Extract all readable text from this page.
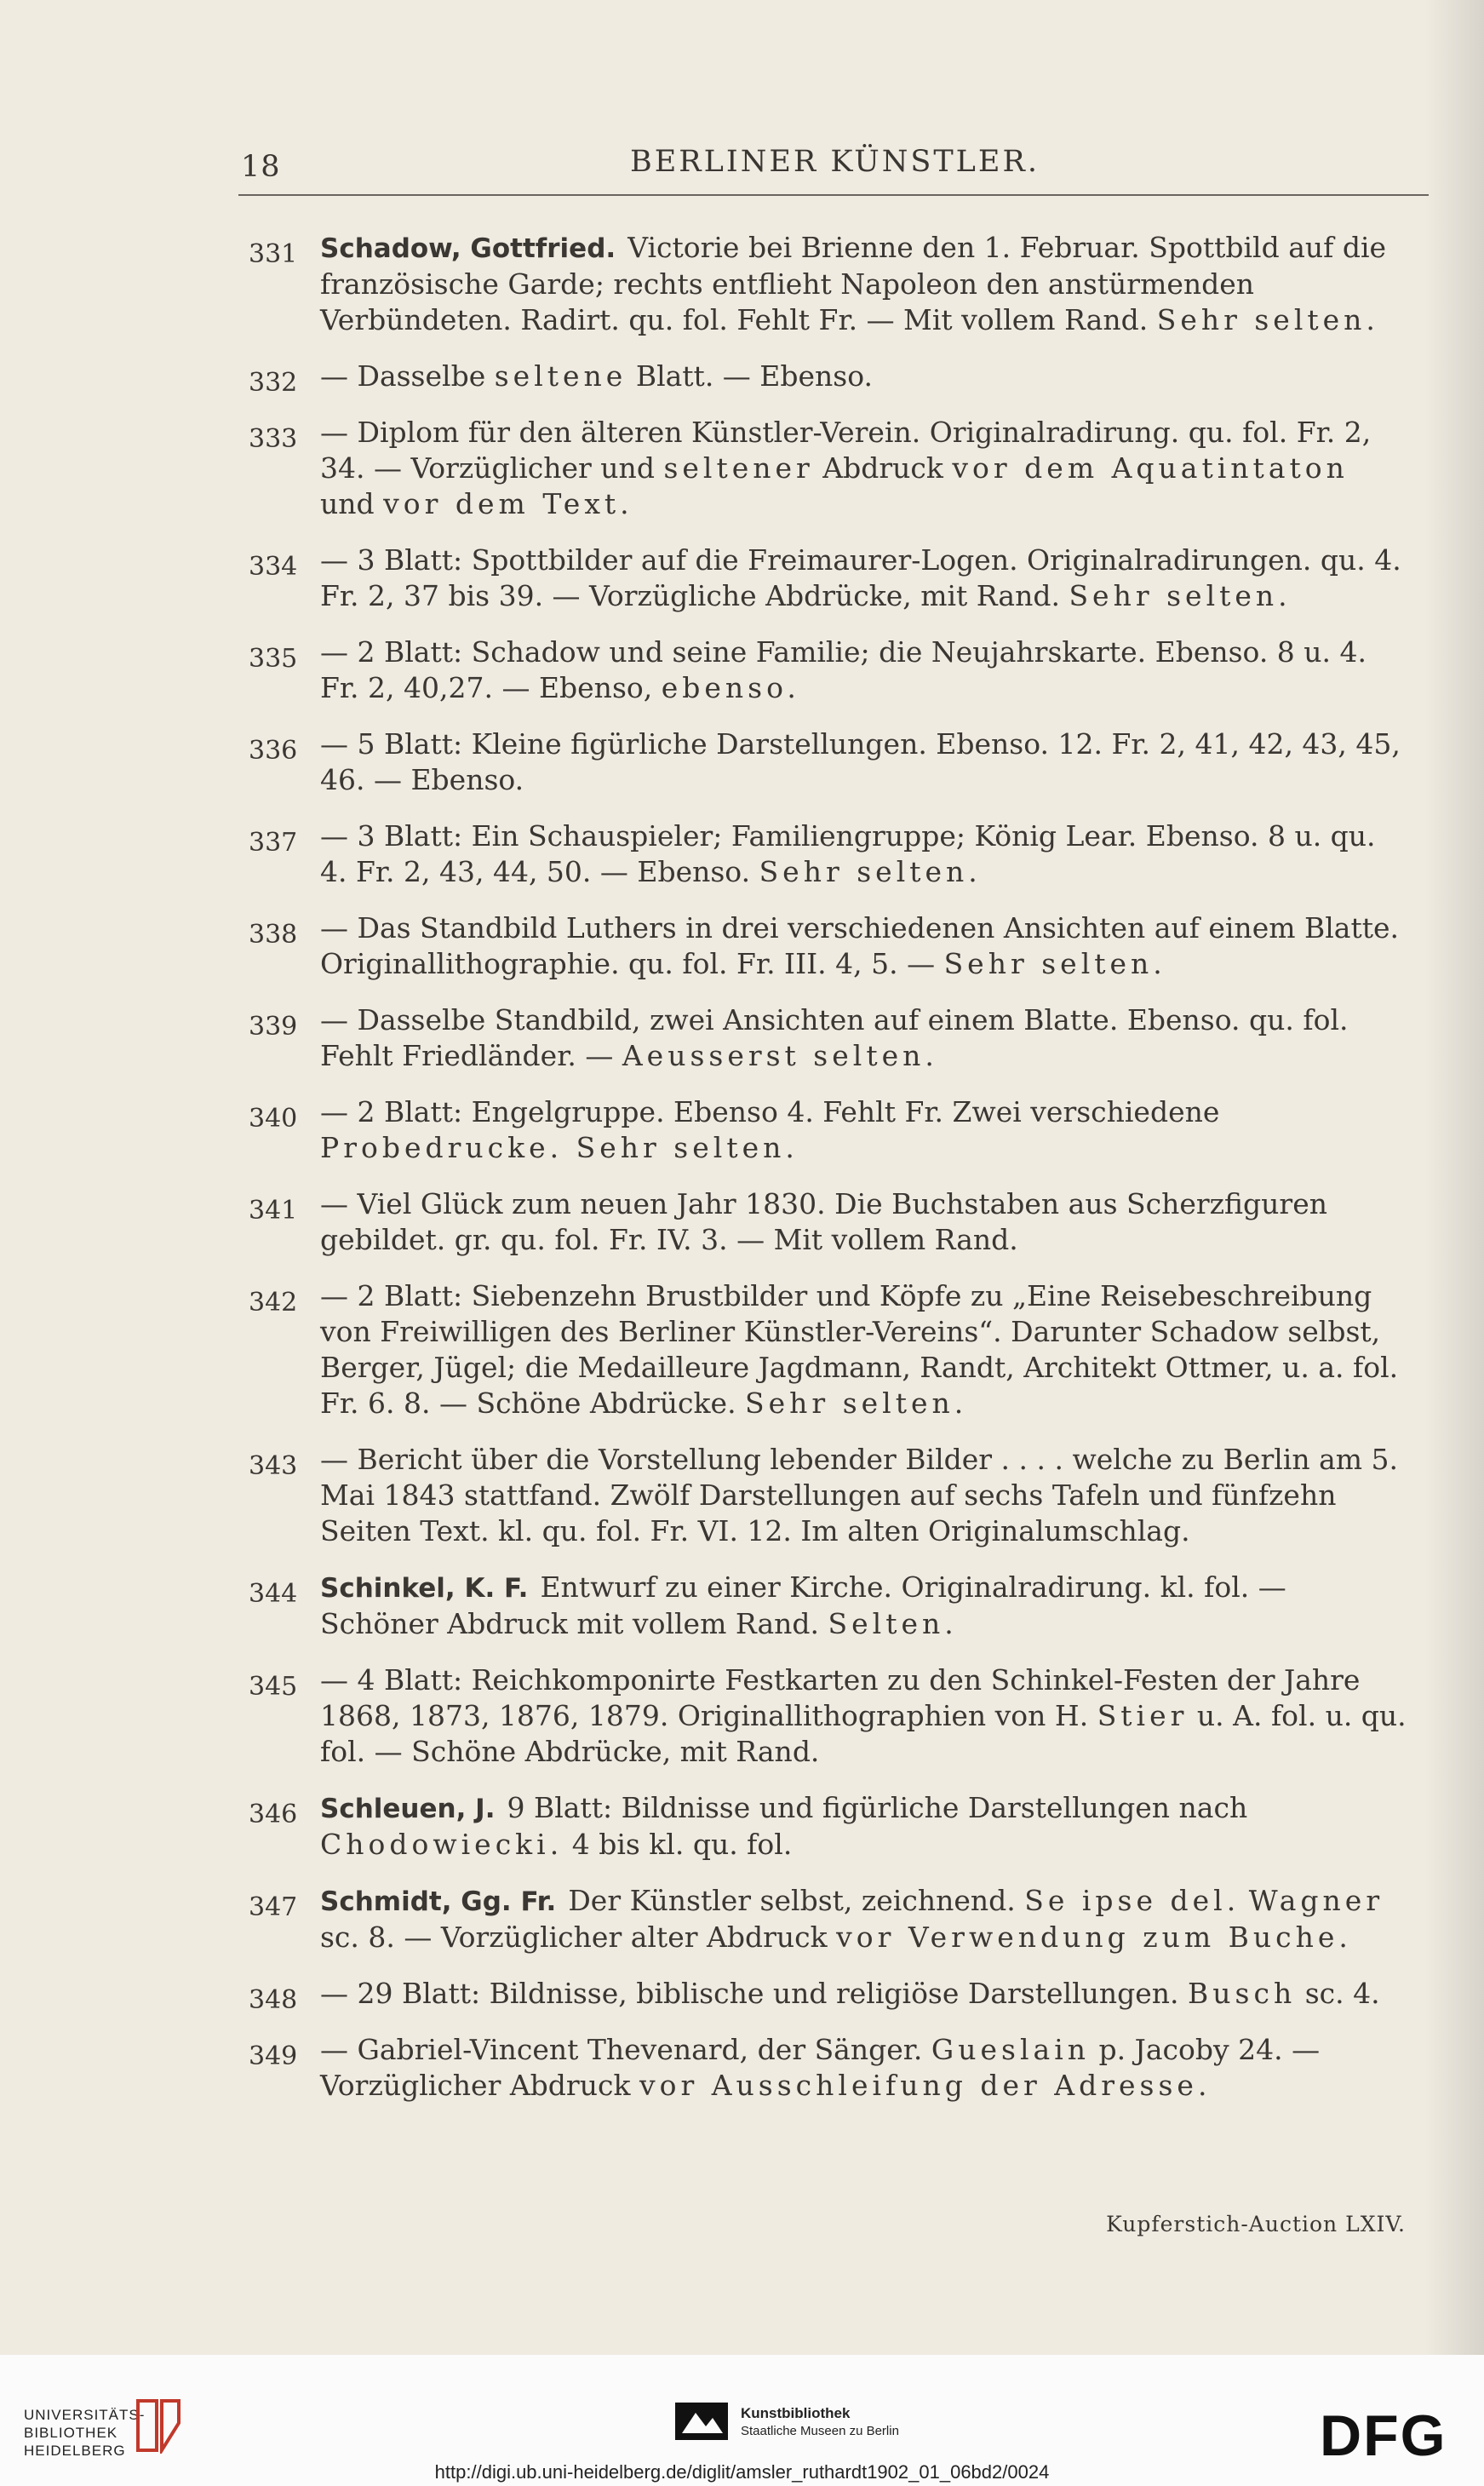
18	BERLINER KÜNSTLER.
331 Schadow, Gottfried. Victorie bei Brienne den 1. Februar. Spottbild auf die französische Garde; rechts entflieht Napoleon den anstürmenden Verbündeten. Radirt. qu. fol. Fehlt Fr. — Mit vollem Rand. Sehr selten.
332 — Dasselbe seltene Blatt. — Ebenso.
333 — Diplom für den älteren Künstler-Verein. Originalradirung. qu. fol. Fr. 2, 34. — Vorzüglicher und seltener Abdruck vor dem Aquatintaton und vor dem Text.
334 — 3 Blatt: Spottbilder auf die Freimaurer-Logen. Originalradirungen. qu. 4. Fr. 2, 37 bis 39. — Vorzügliche Abdrücke, mit Rand. Sehr selten.
335 — 2 Blatt: Schadow und seine Familie; die Neujahrskarte. Ebenso. 8 u. 4. Fr. 2, 40,27. — Ebenso, ebenso.
336 — 5 Blatt: Kleine figürliche Darstellungen. Ebenso. 12. Fr. 2, 41, 42, 43, 45, 46. — Ebenso.
337 — 3 Blatt: Ein Schauspieler; Familiengruppe; König Lear. Ebenso. 8 u. qu. 4. Fr. 2, 43, 44, 50. — Ebenso. Sehr selten.
338 — Das Standbild Luthers in drei verschiedenen Ansichten auf einem Blatte. Originallithographie. qu. fol. Fr. III. 4, 5. — Sehr selten.
339 — Dasselbe Standbild, zwei Ansichten auf einem Blatte. Ebenso. qu. fol. Fehlt Friedländer. — Aeusserst selten.
340 — 2 Blatt: Engelgruppe. Ebenso 4. Fehlt Fr. Zwei verschiedene Probedrucke. Sehr selten.
341 — Viel Glück zum neuen Jahr 1830. Die Buchstaben aus Scherzfiguren gebildet. gr. qu. fol. Fr. IV. 3. — Mit vollem Rand.
342 — 2 Blatt: Siebenzehn Brustbilder und Köpfe zu „Eine Reisebeschreibung von Freiwilligen des Berliner Künstler-Vereins“. Darunter Schadow selbst, Berger, Jügel; die Medailleure Jagdmann, Randt, Architekt Ottmer, u. a. fol. Fr. 6. 8. — Schöne Abdrücke. Sehr selten.
343 — Bericht über die Vorstellung lebender Bilder . . . . welche zu Berlin am 5. Mai 1843 stattfand. Zwölf Darstellungen auf sechs Tafeln und fünfzehn Seiten Text. kl. qu. fol. Fr. VI. 12. Im alten Originalumschlag.
344 Schinkel, K. F. Entwurf zu einer Kirche. Originalradirung. kl. fol. — Schöner Abdruck mit vollem Rand. Selten.
345 — 4 Blatt: Reichkomponirte Festkarten zu den Schinkel-Festen der Jahre 1868, 1873, 1876, 1879. Originallithographien von H. Stier u. A. fol. u. qu. fol. — Schöne Abdrücke, mit Rand.
346 Schleuen, J. 9 Blatt: Bildnisse und figürliche Darstellungen nach Chodowiecki. 4 bis kl. qu. fol.
347 Schmidt, Gg. Fr. Der Künstler selbst, zeichnend. Se ipse del. Wagner sc. 8. — Vorzüglicher alter Abdruck vor Verwendung zum Buche.
348 — 29 Blatt: Bildnisse, biblische und religiöse Darstellungen. Busch sc. 4.
349 — Gabriel-Vincent Thevenard, der Sänger. Gueslain p. Jacoby 24. — Vorzüglicher Abdruck vor Ausschleifung der Adresse.
Kupferstich-Auction LXIV.
UNIVERSITÄTS-
BIBLIOTHEK
HEIDELBERG
Kunstbibliothek
Staatliche Museen zu Berlin	DFG
http://digi.ub.uni-heidelberg.de/diglit/amsler_ruthardt1902_01_06bd2/0024
